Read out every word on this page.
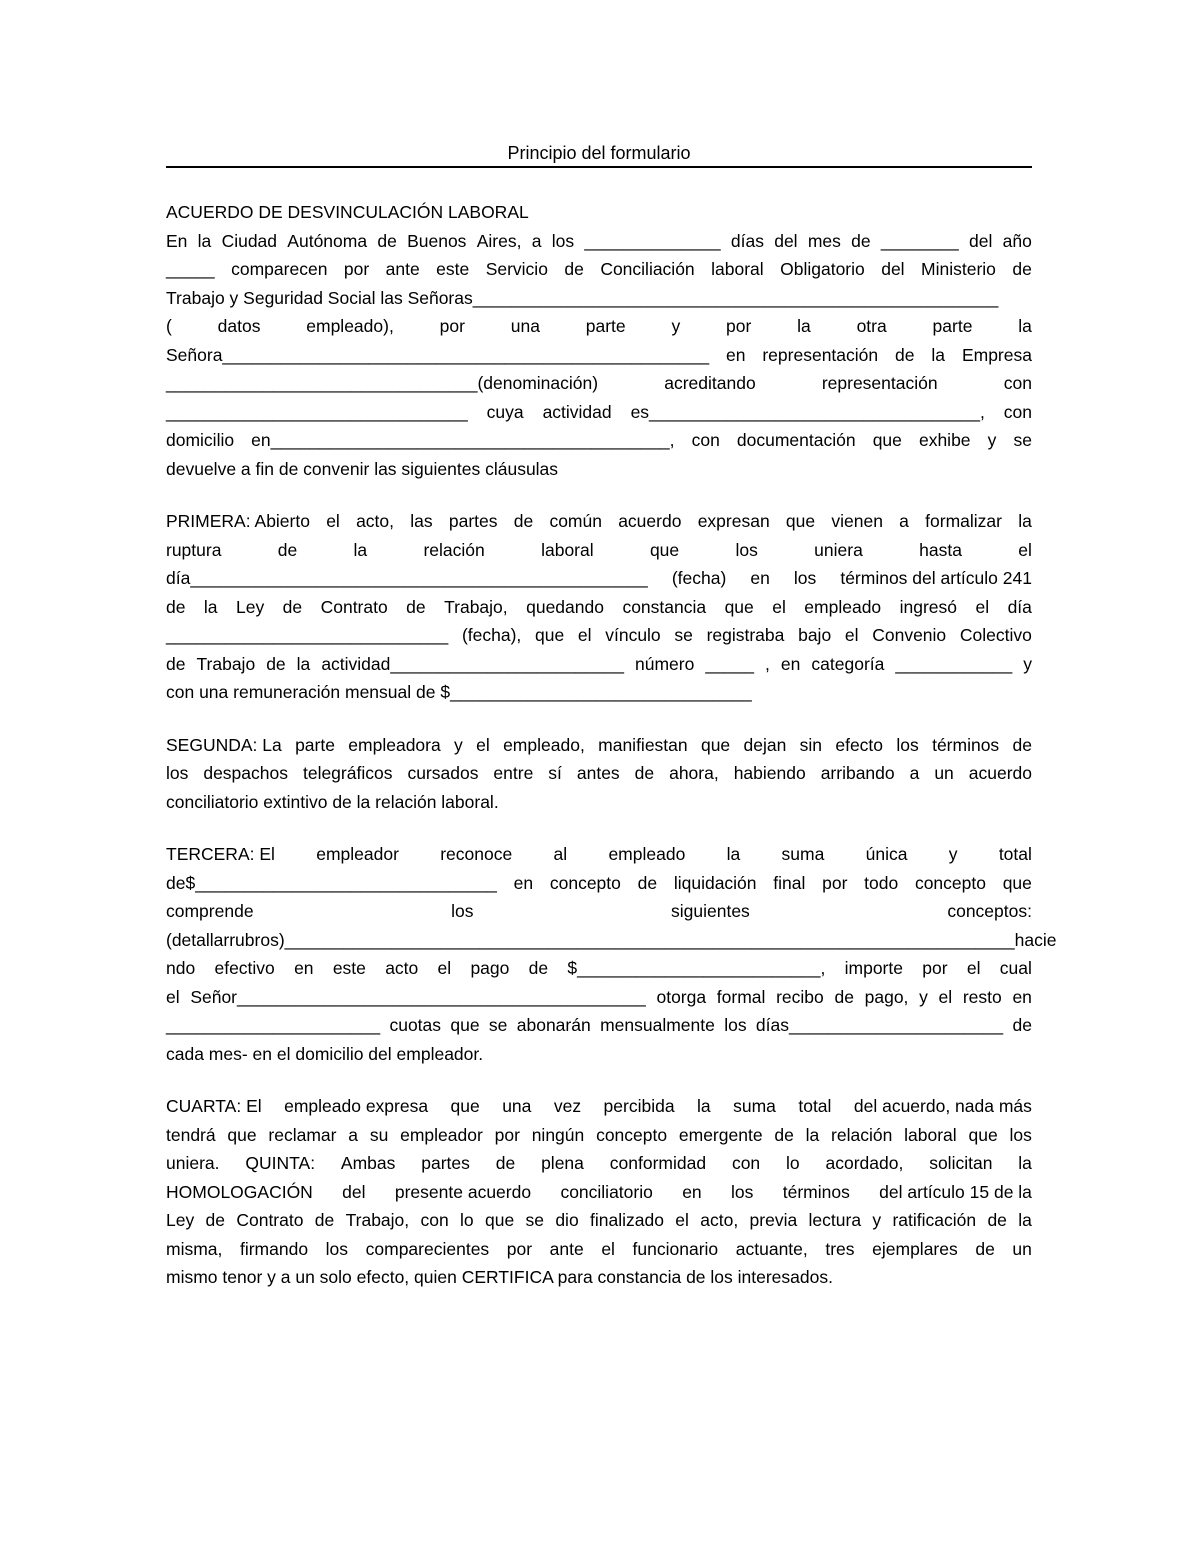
Principio del formulario
ACUERDO DE DESVINCULACIÓN LABORAL
En la Ciudad Autónoma de Buenos Aires, a los ______________ días del mes de ________ del año
_____ comparecen por ante este Servicio de Conciliación laboral Obligatorio del Ministerio de
Trabajo y Seguridad Social las Señoras______________________________________________________
(	datos	empleado),	por	una	parte	y	por	la	otra	parte	la
Señora__________________________________________________ en representación de la Empresa
________________________________(denominación)	acreditando	representación	con
_______________________________ cuya actividad es__________________________________, con
domicilio en_________________________________________, con documentación que exhibe y se
devuelve a fin de convenir las siguientes cláusulas
PRIMERA: Abierto el acto, las partes de común acuerdo expresan que vienen a formalizar la
ruptura	de	la	relación	laboral	que	los	uniera	hasta	el
día_______________________________________________ (fecha) en los términos del artículo 241
de la Ley de Contrato de Trabajo, quedando constancia que el empleado ingresó el día
_____________________________ (fecha), que el vínculo se registraba bajo el Convenio Colectivo
de Trabajo de la actividad________________________ número _____ , en categoría ____________ y
con una remuneración mensual de $_______________________________
SEGUNDA: La parte empleadora y el empleado, manifiestan que dejan sin efecto los términos de
los despachos telegráficos cursados entre sí antes de ahora, habiendo arribando a un acuerdo
conciliatorio extintivo de la relación laboral.
TERCERA: El empleador reconoce al empleado la suma única y total
de$_______________________________ en concepto de liquidación final por todo concepto que
comprende	los	siguientes	conceptos:
(detallarrubros)___________________________________________________________________________hacie
ndo efectivo en este acto el pago de $_________________________, importe por el cual
el Señor__________________________________________ otorga formal recibo de pago, y el resto en
______________________ cuotas que se abonarán mensualmente los días______________________ de
cada mes- en el domicilio del empleador.
CUARTA: El empleado expresa que una vez percibida la suma total del acuerdo, nada más
tendrá que reclamar a su empleador por ningún concepto emergente de la relación laboral que los
uniera. QUINTA: Ambas partes de plena conformidad con lo acordado, solicitan la
HOMOLOGACIÓN del presente acuerdo conciliatorio en los términos del artículo 15 de la
Ley de Contrato de Trabajo, con lo que se dio finalizado el acto, previa lectura y ratificación de la
misma, firmando los comparecientes por ante el funcionario actuante, tres ejemplares de un
mismo tenor y a un solo efecto, quien CERTIFICA para constancia de los interesados.
